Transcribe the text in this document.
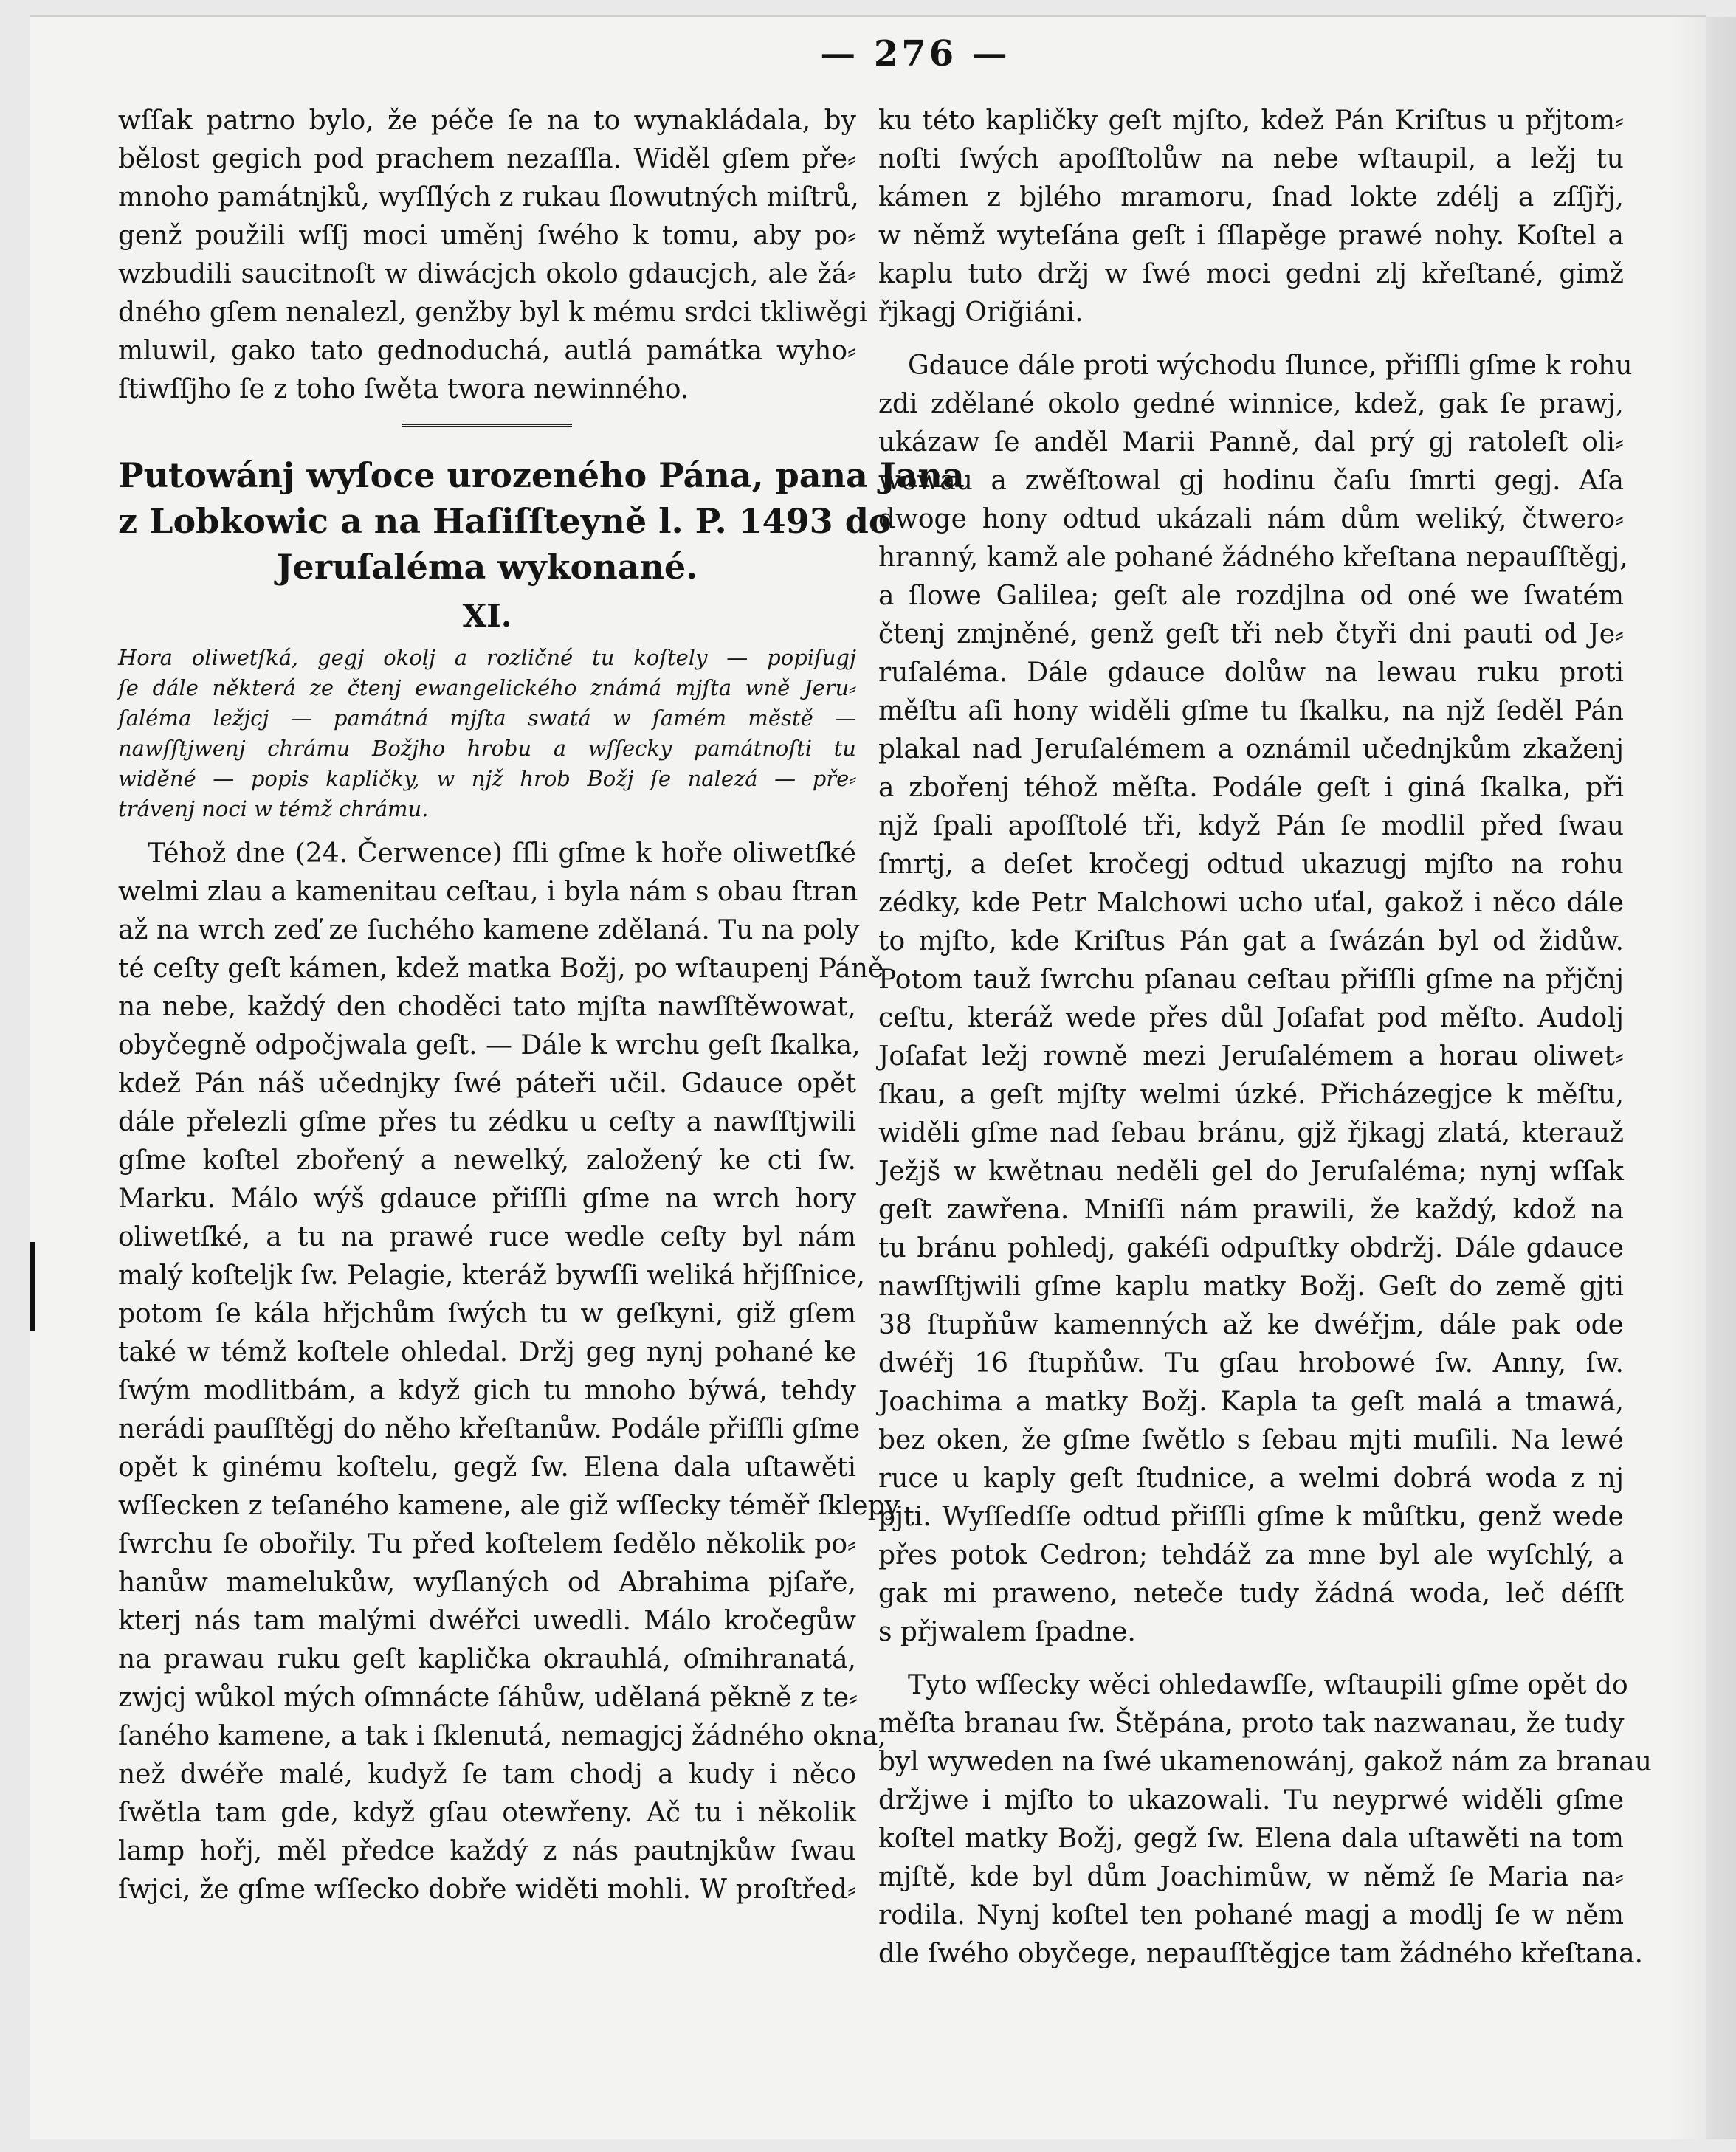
— 276 —
wſſak patrno bylo, že péče ſe na to wynakládala, by
bělost gegich pod prachem nezaſſla. Widěl gſem pře⸗
mnoho památnjků, wyſſlých z rukau ſlowutných miſtrů,
genž použili wſſj moci uměnj ſwého k tomu, aby po⸗
wzbudili saucitnoſt w diwácjch okolo gdaucjch, ale žá⸗
dného gſem nenalezl, genžby byl k mému srdci tkliwěgi
mluwil, gako tato gednoduchá, autlá památka wyho⸗
ſtiwſſjho ſe z toho ſwěta twora newinného.
Putowánj wyſoce urozeného Pána, pana Jana
z Lobkowic a na Haſiſſteyně l. P. 1493 do
Jeruſaléma wykonané.
XI.
Hora oliwetſká, gegj okolj a rozličné tu koſtely — popiſugj
ſe dále některá ze čtenj ewangelického známá mjſta wně Jeru⸗
ſaléma ležjcj — památná mjſta swatá w ſamém městě —
nawſſtjwenj chrámu Božjho hrobu a wſſecky památnoſti tu
widěné — popis kapličky, w njž hrob Božj ſe nalezá — pře⸗
trávenj noci w témž chrámu.
Téhož dne (24. Čerwence) ſſli gſme k hoře oliwetſké
welmi zlau a kamenitau ceſtau, i byla nám s obau ſtran
až na wrch zeď ze ſuchého kamene zdělaná. Tu na poly
té ceſty geſt kámen, kdež matka Božj, po wſtaupenj Páně
na nebe, každý den choděci tato mjſta nawſſtěwowat,
obyčegně odpočjwala geſt. — Dále k wrchu geſt ſkalka,
kdež Pán náš učednjky ſwé páteři učil. Gdauce opět
dále přelezli gſme přes tu zédku u ceſty a nawſſtjwili
gſme koſtel zbořený a newelký, založený ke cti ſw.
Marku. Málo wýš gdauce přiſſli gſme na wrch hory
oliwetſké, a tu na prawé ruce wedle ceſty byl nám
malý koſteljk ſw. Pelagie, kteráž bywſſi weliká hřjſſnice,
potom ſe kála hřjchům ſwých tu w geſkyni, giž gſem
také w témž koſtele ohledal. Držj geg nynj pohané ke
ſwým modlitbám, a když gich tu mnoho býwá, tehdy
nerádi pauſſtěgj do něho křeſtanůw. Podále přiſſli gſme
opět k ginému koſtelu, gegž ſw. Elena dala uſtawěti
wſſecken z teſaného kamene, ale giž wſſecky téměř ſklepy
ſwrchu ſe obořily. Tu před koſtelem ſedělo několik po⸗
hanůw mamelukůw, wyſlaných od Abrahima pjſaře,
kterj nás tam malými dwéřci uwedli. Málo kročegůw
na prawau ruku geſt kaplička okrauhlá, oſmihranatá,
zwjcj wůkol mých oſmnácte ſáhůw, udělaná pěkně z te⸗
ſaného kamene, a tak i ſklenutá, nemagjcj žádného okna,
než dwéře malé, kudyž ſe tam chodj a kudy i něco
ſwětla tam gde, když gſau otewřeny. Ač tu i několik
lamp hořj, měl předce každý z nás pautnjkůw ſwau
ſwjci, že gſme wſſecko dobře widěti mohli. W proſtřed⸗
ku této kapličky geſt mjſto, kdež Pán Kriſtus u přjtom⸗
noſti ſwých apoſſtolůw na nebe wſtaupil, a ležj tu
kámen z bjlého mramoru, ſnad lokte zdélj a zſſjřj,
w němž wyteſána geſt i ſſlapěge prawé nohy. Koſtel a
kaplu tuto držj w ſwé moci gedni zlj křeſtané, gimž
řjkagj Oriğiáni.
Gdauce dále proti wýchodu ſlunce, přiſſli gſme k rohu
zdi zdělané okolo gedné winnice, kdež, gak ſe prawj,
ukázaw ſe anděl Marii Panně, dal prý gj ratoleſt oli⸗
wowau a zwěſtowal gj hodinu čaſu ſmrti gegj. Aſa
dwoge hony odtud ukázali nám dům weliký, čtwero⸗
hranný, kamž ale pohané žádného křeſtana nepauſſtěgj,
a ſlowe Galilea; geſt ale rozdjlna od oné we ſwatém
čtenj zmjněné, genž geſt tři neb čtyři dni pauti od Je⸗
ruſaléma. Dále gdauce dolůw na lewau ruku proti
měſtu aſi hony widěli gſme tu ſkalku, na njž ſeděl Pán
plakal nad Jeruſalémem a oznámil učednjkům zkaženj
a zbořenj téhož měſta. Podále geſt i giná ſkalka, při
njž ſpali apoſſtolé tři, když Pán ſe modlil před ſwau
ſmrtj, a deſet kročegj odtud ukazugj mjſto na rohu
zédky, kde Petr Malchowi ucho uťal, gakož i něco dále
to mjſto, kde Kriſtus Pán gat a ſwázán byl od židůw.
Potom tauž ſwrchu pſanau ceſtau přiſſli gſme na přjčnj
ceſtu, kteráž wede přes důl Joſafat pod měſto. Audolj
Joſafat ležj rowně mezi Jeruſalémem a horau oliwet⸗
ſkau, a geſt mjſty welmi úzké. Přicházegjce k měſtu,
widěli gſme nad ſebau bránu, gjž řjkagj zlatá, kterauž
Ježjš w kwětnau neděli gel do Jeruſaléma; nynj wſſak
geſt zawřena. Mniſſi nám prawili, že každý, kdož na
tu bránu pohledj, gakéſi odpuſtky obdržj. Dále gdauce
nawſſtjwili gſme kaplu matky Božj. Geſt do země gjti
38 ſtupňůw kamenných až ke dwéřjm, dále pak ode
dwéřj 16 ſtupňůw. Tu gſau hrobowé ſw. Anny, ſw.
Joachima a matky Božj. Kapla ta geſt malá a tmawá,
bez oken, že gſme ſwětlo s ſebau mjti muſili. Na lewé
ruce u kaply geſt ſtudnice, a welmi dobrá woda z nj
pjti. Wyſſedſſe odtud přiſſli gſme k můſtku, genž wede
přes potok Cedron; tehdáž za mne byl ale wyſchlý, a
gak mi praweno, neteče tudy žádná woda, leč déſſt
s přjwalem ſpadne.
Tyto wſſecky wěci ohledawſſe, wſtaupili gſme opět do
měſta branau ſw. Štěpána, proto tak nazwanau, že tudy
byl wyweden na ſwé ukamenowánj, gakož nám za branau
držjwe i mjſto to ukazowali. Tu neyprwé widěli gſme
koſtel matky Božj, gegž ſw. Elena dala uſtawěti na tom
mjſtě, kde byl dům Joachimůw, w němž ſe Maria na⸗
rodila. Nynj koſtel ten pohané magj a modlj ſe w něm
dle ſwého obyčege, nepauſſtěgjce tam žádného křeſtana.
